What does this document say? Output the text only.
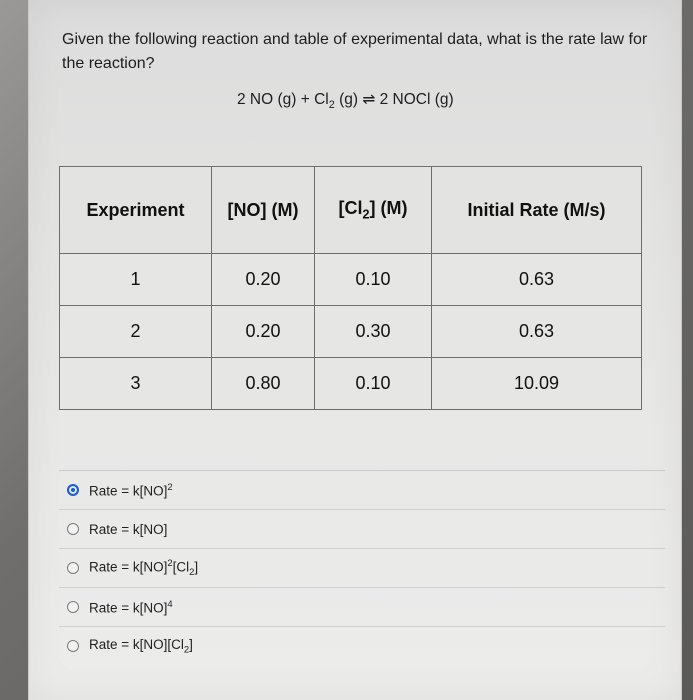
Given the following reaction and table of experimental data, what is the rate law for the reaction?
2 NO $(g) + Cl_2$ (g) ⇌ 2 NOCl (g)
Experiment	[NO] (M)	$[Cl_2]$ (M)	Initial Rate (M/s)
1	0.20	0.10	0.63
2	0.20	0.30	0.63
3	0.80	0.10	10.09
Rate = k[NO]$^2$
Rate = k[NO]
Rate = $k[NO]^2[Cl_2]$
Rate = k[NO]$^4$
Rate = $k[NO][Cl_2]$
